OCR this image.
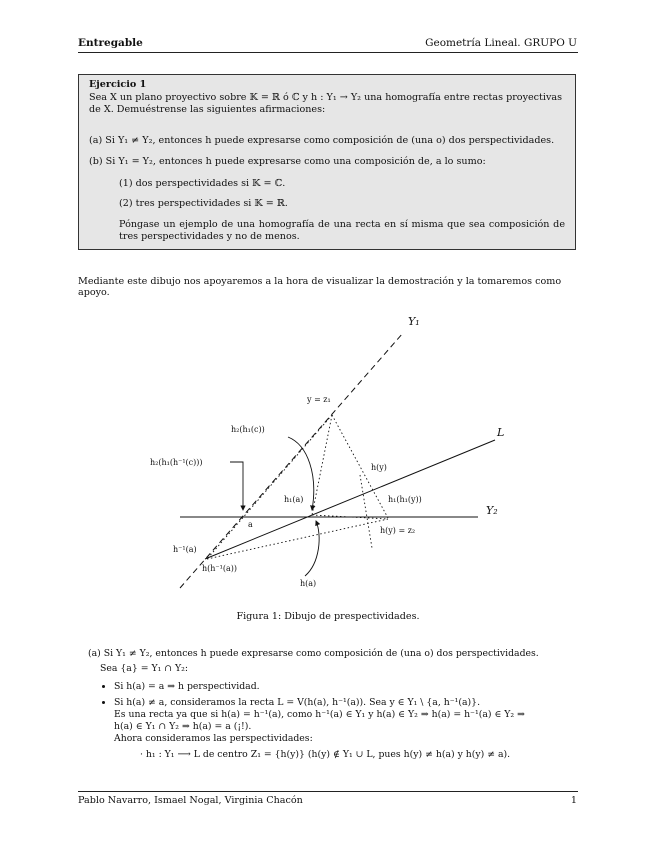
Entregable	Geometría Lineal. GRUPO U
Ejercicio 1
Sea X un plano proyectivo sobre 𝕂 = ℝ ó ℂ y h : Y₁ → Y₂ una homografía entre rectas proyectivas de X. Demuéstrense las siguientes afirmaciones:
(a) Si Y₁ ≠ Y₂, entonces h puede expresarse como composición de (una o) dos perspectividades.
(b) Si Y₁ = Y₂, entonces h puede expresarse como una composición de, a lo sumo:
(1) dos perspectividades si 𝕂 = ℂ.
(2) tres perspectividades si 𝕂 = ℝ.
Póngase un ejemplo de una homografía de una recta en sí misma que sea composición de tres perspectividades y no de menos.
Mediante este dibujo nos apoyaremos a la hora de visualizar la demostración y la tomaremos como apoyo.
Y₁
Y₂
L
y = z₁
h₂(h₁(c))
h₂(h₁(h⁻¹(c)))
h₁(a)
h(y)
h₁(h₁(y))
a
h(y) = z₂
h⁻¹(a)
h(h⁻¹(a))
h(a)
Figura 1: Dibujo de prespectividades.
(a) Si Y₁ ≠ Y₂, entonces h puede expresarse como composición de (una o) dos perspectividades.
Sea {a} = Y₁ ∩ Y₂:
• Si h(a) = a ⇒ h perspectividad.
• Si h(a) ≠ a, consideramos la recta L = V(h(a), h⁻¹(a)). Sea y ∈ Y₁ \ {a, h⁻¹(a)}.
Es una recta ya que si h(a) = h⁻¹(a), como h⁻¹(a) ∈ Y₁ y h(a) ∈ Y₂ ⇒ h(a) = h⁻¹(a) ∈ Y₂ ⇒
h(a) ∈ Y₁ ∩ Y₂ ⇒ h(a) = a (¡!).
Ahora consideramos las perspectividades:
· h₁ : Y₁ ⟶ L de centro Z₁ = {h(y)} (h(y) ∉ Y₁ ∪ L, pues h(y) ≠ h(a) y h(y) ≠ a).
Pablo Navarro, Ismael Nogal, Virginia Chacón	1
